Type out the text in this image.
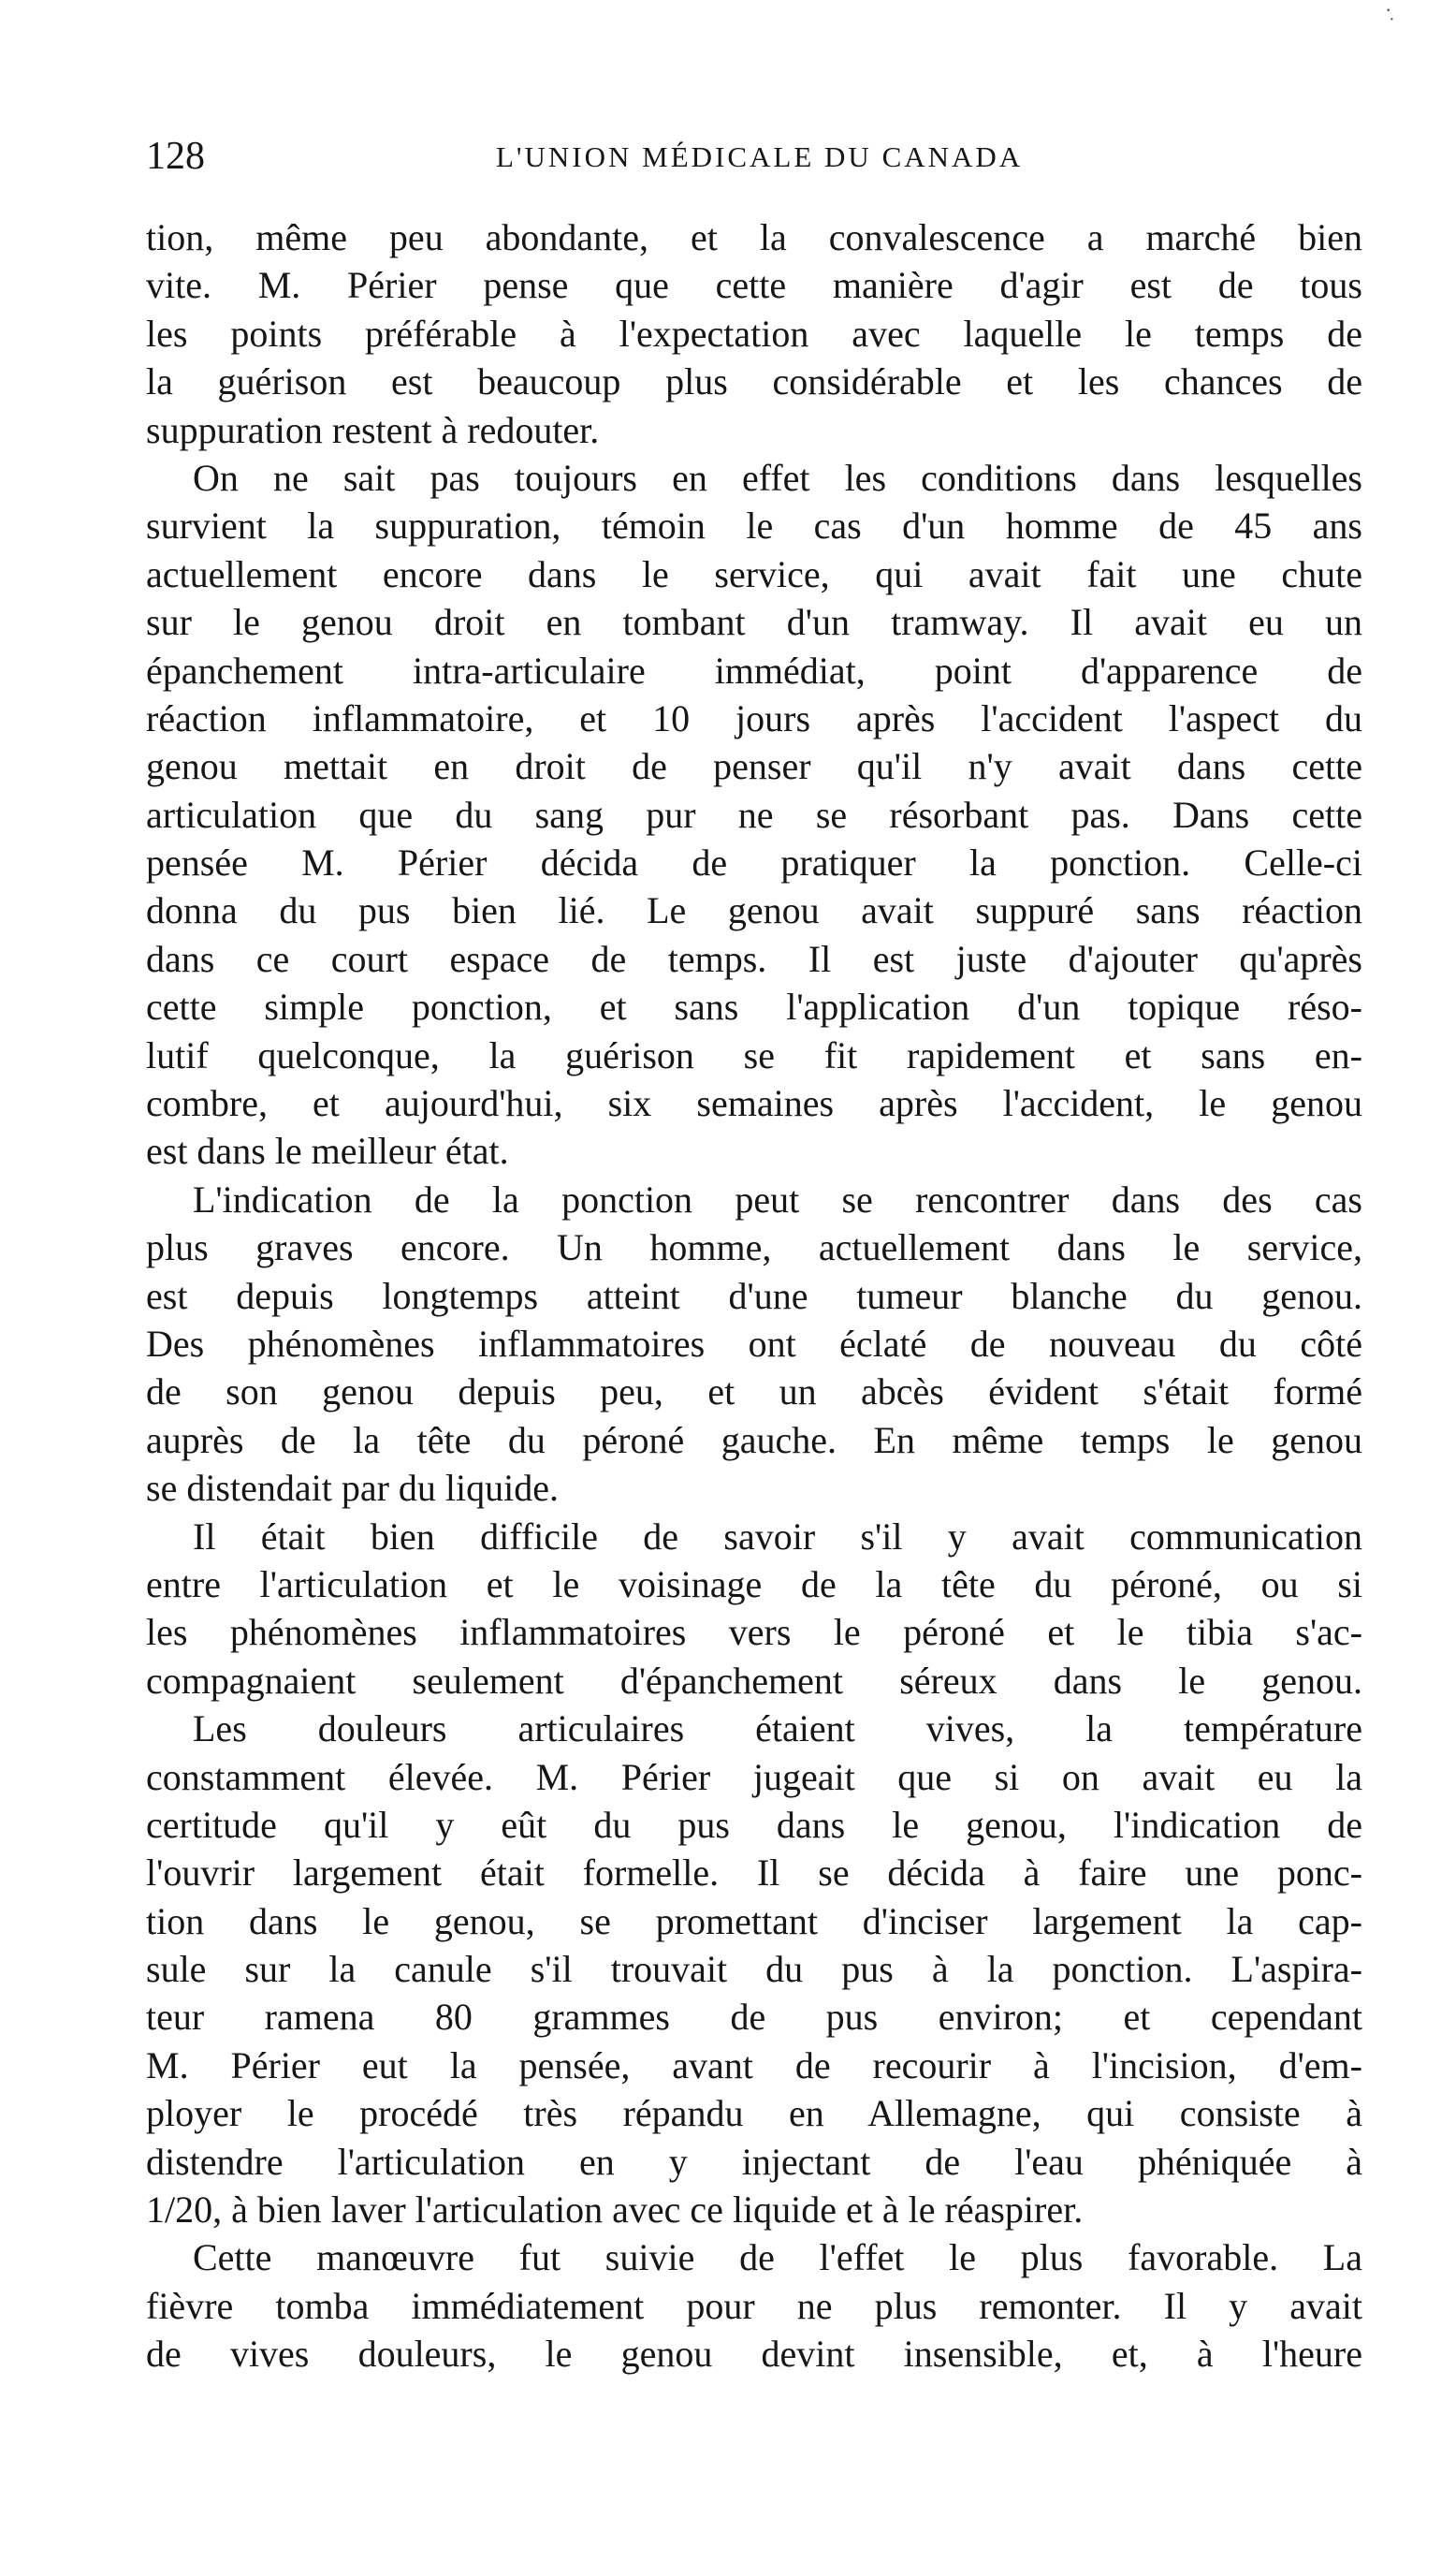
·̣
128	L'UNION MÉDICALE DU CANADA
tion, même peu abondante, et la convalescence a marché bien
vite. M. Périer pense que cette manière d'agir est de tous
les points préférable à l'expectation avec laquelle le temps de
la guérison est beaucoup plus considérable et les chances de
suppuration restent à redouter.
On ne sait pas toujours en effet les conditions dans lesquelles
survient la suppuration, témoin le cas d'un homme de 45 ans
actuellement encore dans le service, qui avait fait une chute
sur le genou droit en tombant d'un tramway. Il avait eu un
épanchement intra-articulaire immédiat, point d'apparence de
réaction inflammatoire, et 10 jours après l'accident l'aspect du
genou mettait en droit de penser qu'il n'y avait dans cette
articulation que du sang pur ne se résorbant pas. Dans cette
pensée M. Périer décida de pratiquer la ponction. Celle-ci
donna du pus bien lié. Le genou avait suppuré sans réaction
dans ce court espace de temps. Il est juste d'ajouter qu'après
cette simple ponction, et sans l'application d'un topique réso-
lutif quelconque, la guérison se fit rapidement et sans en-
combre, et aujourd'hui, six semaines après l'accident, le genou
est dans le meilleur état.
L'indication de la ponction peut se rencontrer dans des cas
plus graves encore. Un homme, actuellement dans le service,
est depuis longtemps atteint d'une tumeur blanche du genou.
Des phénomènes inflammatoires ont éclaté de nouveau du côté
de son genou depuis peu, et un abcès évident s'était formé
auprès de la tête du péroné gauche. En même temps le genou
se distendait par du liquide.
Il était bien difficile de savoir s'il y avait communication
entre l'articulation et le voisinage de la tête du péroné, ou si
les phénomènes inflammatoires vers le péroné et le tibia s'ac-
compagnaient seulement d'épanchement séreux dans le genou.
Les douleurs articulaires étaient vives, la température
constamment élevée. M. Périer jugeait que si on avait eu la
certitude qu'il y eût du pus dans le genou, l'indication de
l'ouvrir largement était formelle. Il se décida à faire une ponc-
tion dans le genou, se promettant d'inciser largement la cap-
sule sur la canule s'il trouvait du pus à la ponction. L'aspira-
teur ramena 80 grammes de pus environ; et cependant
M. Périer eut la pensée, avant de recourir à l'incision, d'em-
ployer le procédé très répandu en Allemagne, qui consiste à
distendre l'articulation en y injectant de l'eau phéniquée à
1/20, à bien laver l'articulation avec ce liquide et à le réaspirer.
Cette manœuvre fut suivie de l'effet le plus favorable. La
fièvre tomba immédiatement pour ne plus remonter. Il y avait
de vives douleurs, le genou devint insensible, et, à l'heure
